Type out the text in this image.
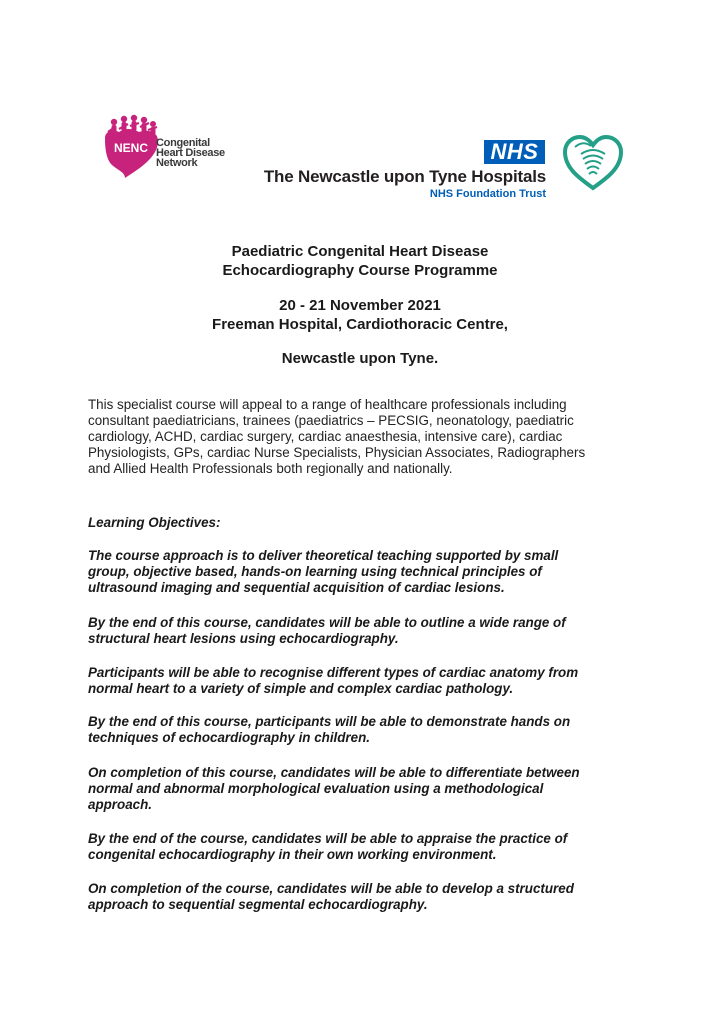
NENC Congenital
Heart Disease
Network	NHS
The Newcastle upon Tyne Hospitals
NHS Foundation Trust
Paediatric Congenital Heart Disease
Echocardiography Course Programme
20 - 21 November 2021
Freeman Hospital, Cardiothoracic Centre,
Newcastle upon Tyne.
This specialist course will appeal to a range of healthcare professionals including
consultant paediatricians, trainees (paediatrics – PECSIG, neonatology, paediatric
cardiology, ACHD, cardiac surgery, cardiac anaesthesia, intensive care), cardiac
Physiologists, GPs, cardiac Nurse Specialists, Physician Associates, Radiographers
and Allied Health Professionals both regionally and nationally.
Learning Objectives:
The course approach is to deliver theoretical teaching supported by small
group, objective based, hands-on learning using technical principles of
ultrasound imaging and sequential acquisition of cardiac lesions.
By the end of this course, candidates will be able to outline a wide range of
structural heart lesions using echocardiography.
Participants will be able to recognise different types of cardiac anatomy from
normal heart to a variety of simple and complex cardiac pathology.
By the end of this course, participants will be able to demonstrate hands on
techniques of echocardiography in children.
On completion of this course, candidates will be able to differentiate between
normal and abnormal morphological evaluation using a methodological
approach.
By the end of the course, candidates will be able to appraise the practice of
congenital echocardiography in their own working environment.
On completion of the course, candidates will be able to develop a structured
approach to sequential segmental echocardiography.
